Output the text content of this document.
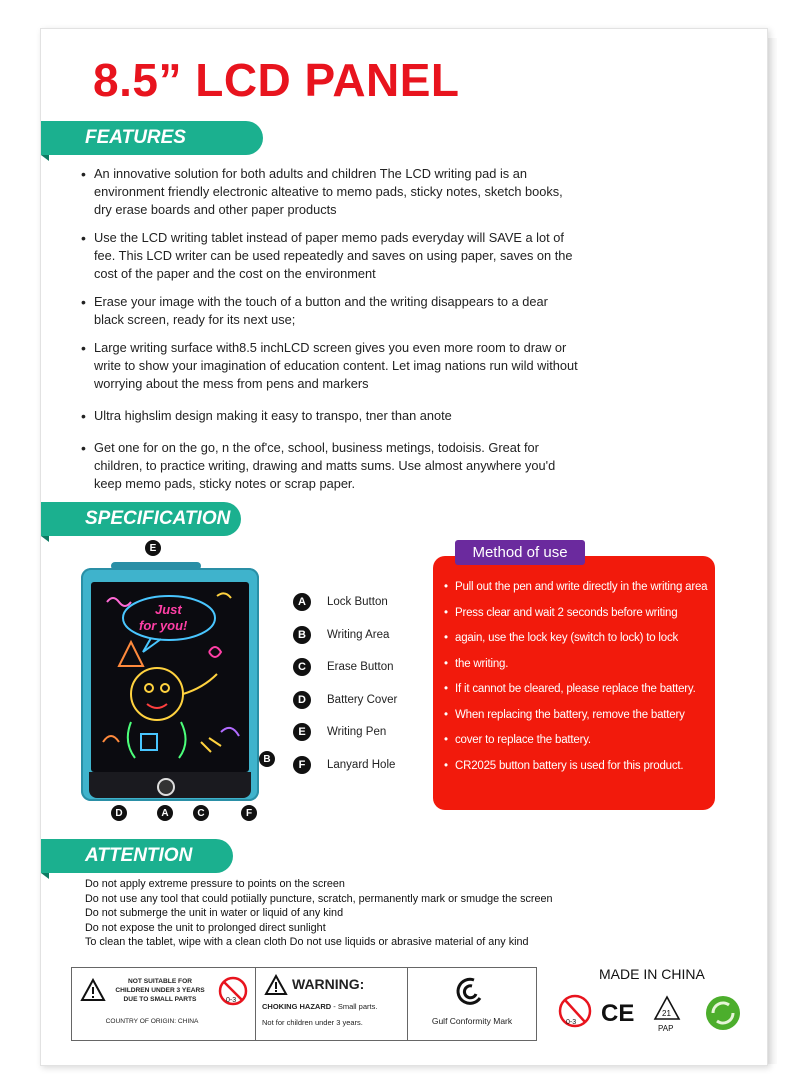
8.5” LCD PANEL
FEATURES
• An innovative solution for both adults and children The LCD writing pad is an environment friendly electronic alteative to memo pads, sticky notes, sketch books, dry erase boards and other paper products
• Use the LCD writing tablet instead of paper memo pads everyday will SAVE a lot of fee. This LCD writer can be used repeatedly and saves on using paper, saves on the cost of the paper and the cost on the environment
• Erase your image with the touch of a button and the writing disappears to a dear black screen, ready for its next use;
• Large writing surface with8.5 inchLCD screen gives you even more room to draw or write to show your imagination of education content. Let imag nations run wild without worrying about the mess from pens and markers
• Ultra highslim design making it easy to transpo, tner than anote
• Get one for on the go, n the of'ce, school, business metings, todoisis. Great for children, to practice writing, drawing and matts sums. Use almost anywhere you'd keep memo pads, sticky notes or scrap paper.
SPECIFICATION
Just
for you!
E
B
D	A	C	F
A	Lock Button
B	Writing Area
C	Erase Button
D	Battery Cover
E	Writing Pen
F	Lanyard Hole
Method of use
• Pull out the pen and write directly in the writing area
• Press clear and wait 2 seconds before writing
• again, use the lock key (switch to lock) to lock
• the writing.
• If it cannot be cleared, please replace the battery.
• When replacing the battery, remove the battery
• cover to replace the battery.
• CR2025 button battery is used for this product.
ATTENTION
Do not apply extreme pressure to points on the screen
Do not use any tool that could potiially puncture, scratch, permanently mark or smudge the screen
Do not submerge the unit in water or liquid of any kind
Do not expose the unit to prolonged direct sunlight
To clean the tablet, wipe with a clean cloth Do not use liquids or abrasive material of any kind
NOT SUITABLE FOR
CHILDREN UNDER 3 YEARS
DUE TO SMALL PARTS	0-3
COUNTRY OF ORIGIN: CHINA
WARNING:
CHOKING HAZARD - Small parts.
Not for children under 3 years.	Gulf Conformity Mark
MADE IN CHINA
0-3 CE	21
PAP
